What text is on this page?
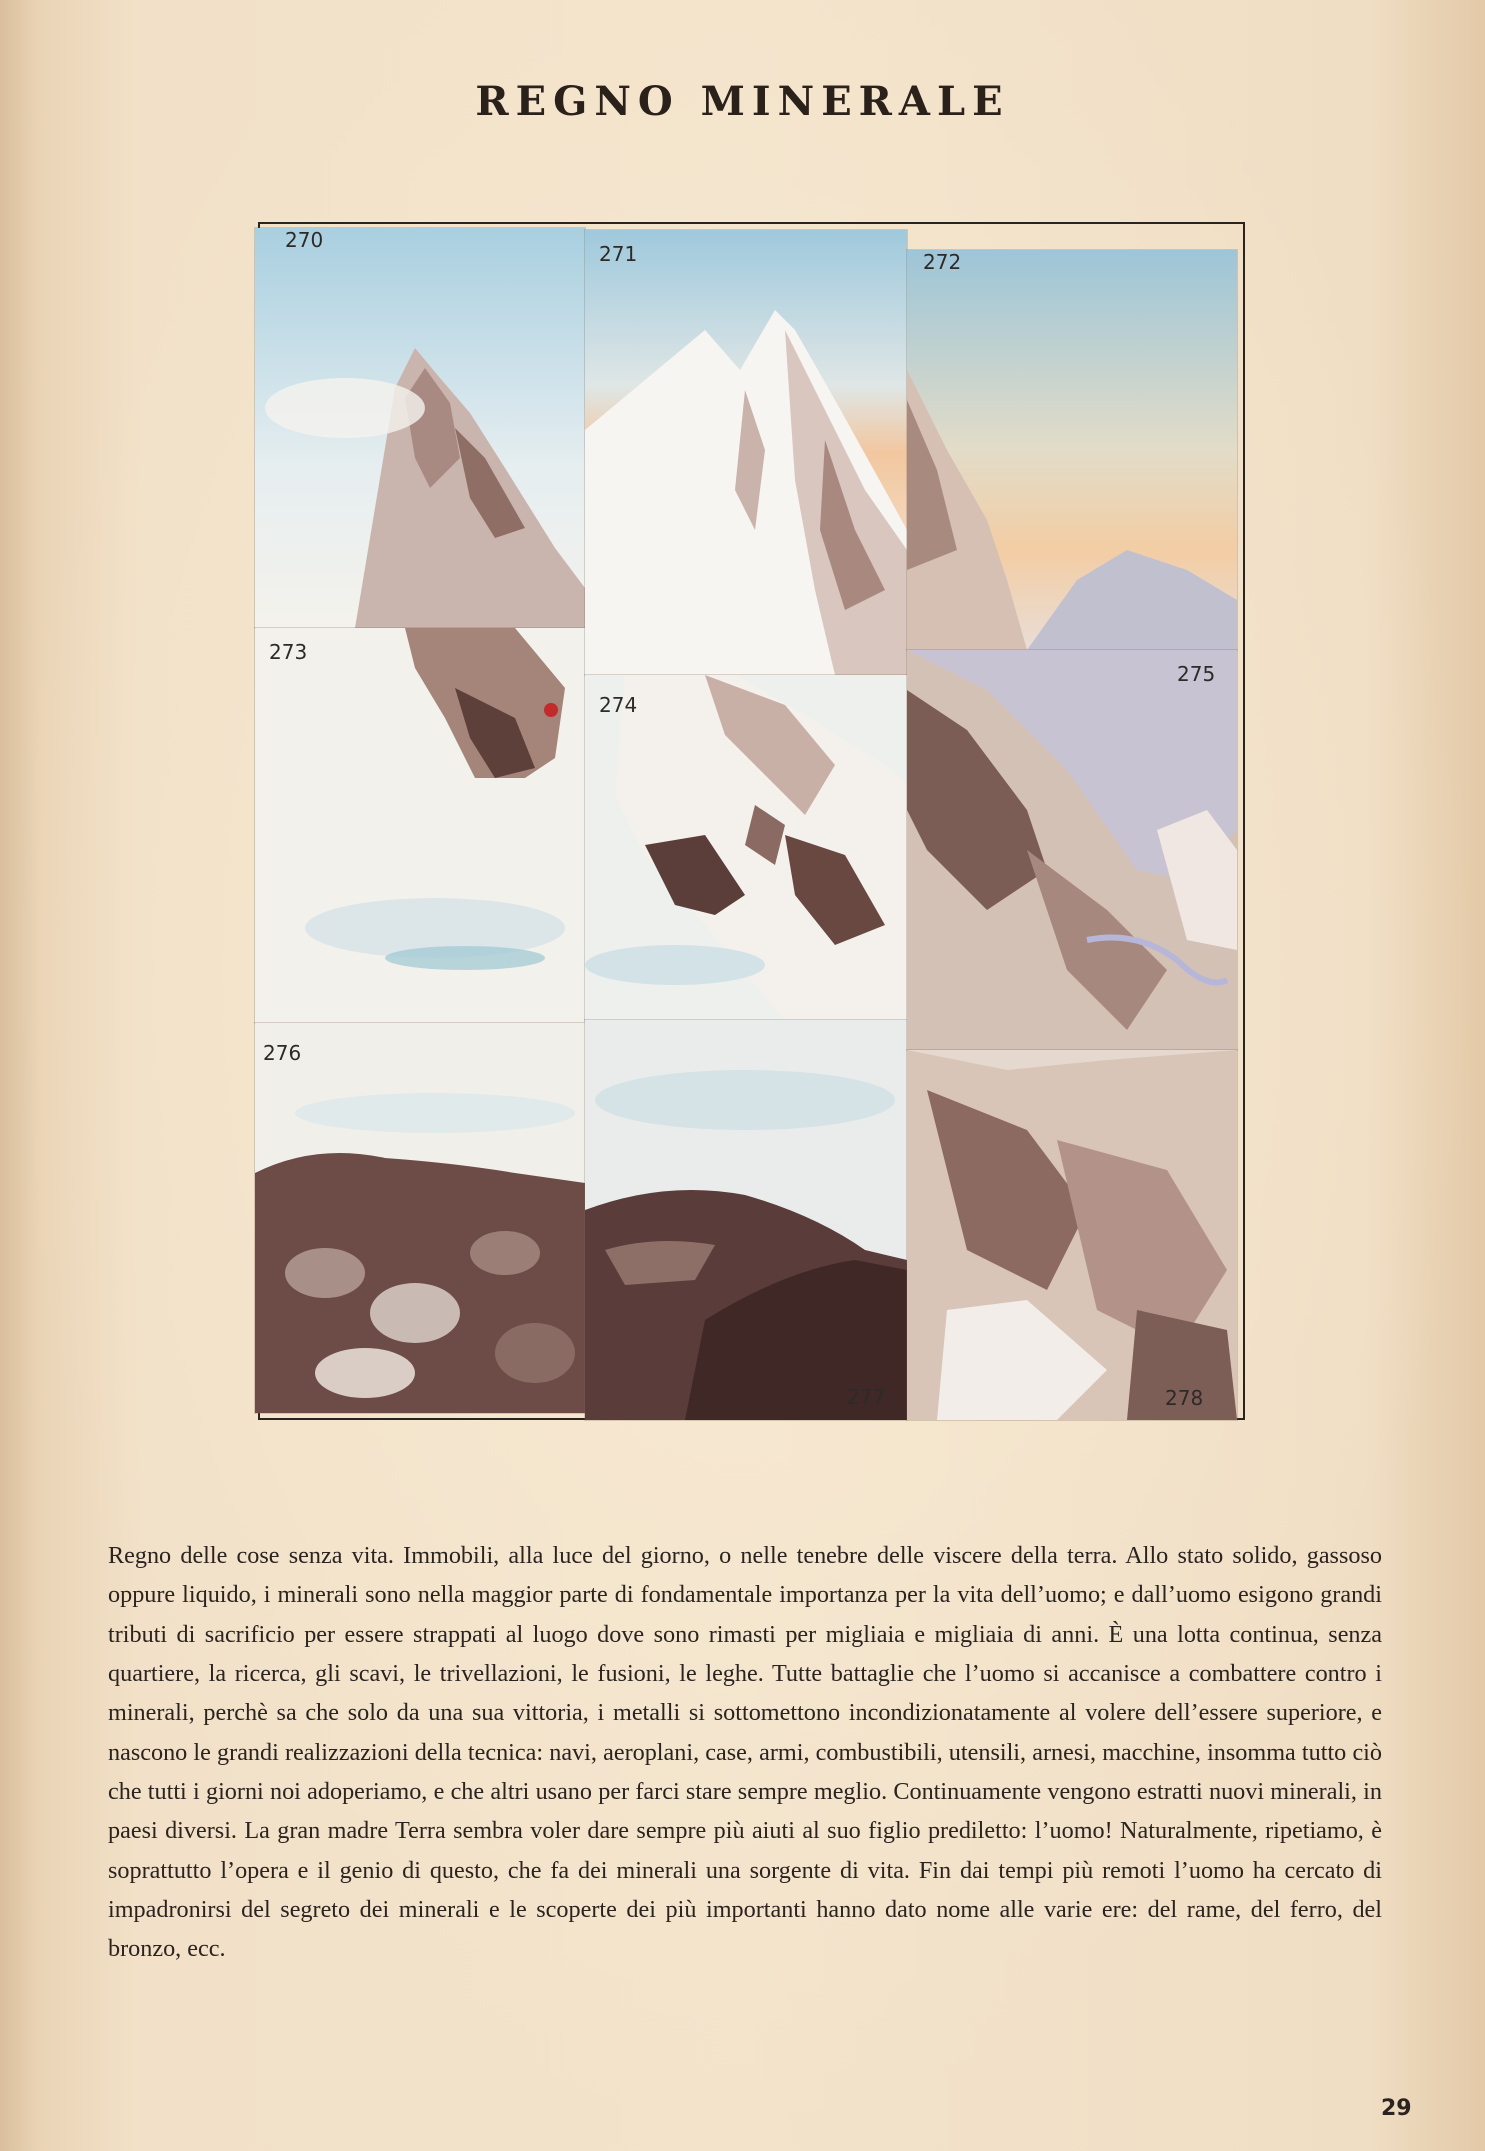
REGNO MINERALE
270
273
276
271
274
277
272
275
278

Regno delle cose senza vita. Immobili, alla luce del giorno, o nelle tenebre delle viscere della terra. Allo stato solido, gassoso oppure liquido, i minerali sono nella maggior parte di fondamentale importanza per la vita dell’uomo; e dall’uomo esigono grandi tributi di sacrificio per essere strappati al luogo dove sono rimasti per migliaia e migliaia di anni. È una lotta continua, senza quartiere, la ricerca, gli scavi, le trivellazioni, le fusioni, le leghe. Tutte battaglie che l’uomo si accanisce a combattere contro i minerali, perchè sa che solo da una sua vittoria, i metalli si sottomettono incondizionatamente al volere dell’essere superiore, e nascono le grandi realizzazioni della tecnica: navi, aeroplani, case, armi, combustibili, utensili, arnesi, macchine, insomma tutto ciò che tutti i giorni noi adoperiamo, e che altri usano per farci stare sempre meglio. Continuamente vengono estratti nuovi minerali, in paesi diversi. La gran madre Terra sembra voler dare sempre più aiuti al suo figlio prediletto: l’uomo! Naturalmente, ripetiamo, è soprattutto l’opera e il genio di questo, che fa dei minerali una sorgente di vita. Fin dai tempi più remoti l’uomo ha cercato di impadronirsi del segreto dei minerali e le scoperte dei più importanti hanno dato nome alle varie ere: del rame, del ferro, del bronzo, ecc.

29
